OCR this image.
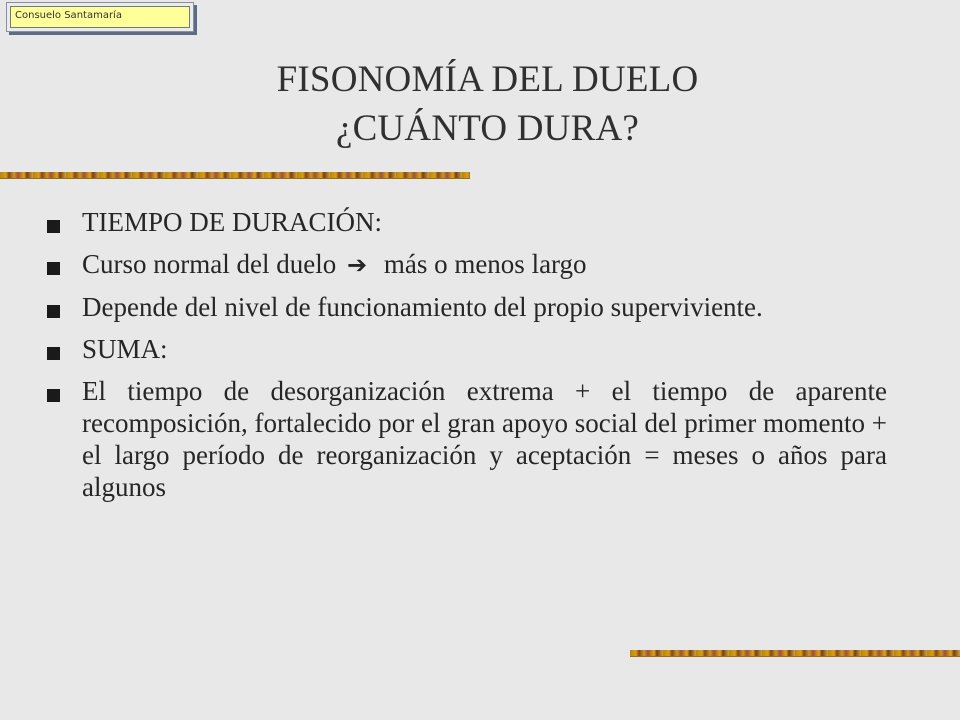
Consuelo Santamaría
FISONOMÍA DEL DUELO
¿CUÁNTO DURA?
TIEMPO DE DURACIÓN:
Curso normal del duelo ➔ más o menos largo
Depende del nivel de funcionamiento del propio superviviente.
SUMA:
El tiempo de desorganización extrema + el tiempo de aparente recomposición, fortalecido por el gran apoyo social del primer momento + el largo período de reorganización y aceptación = meses o años para algunos
